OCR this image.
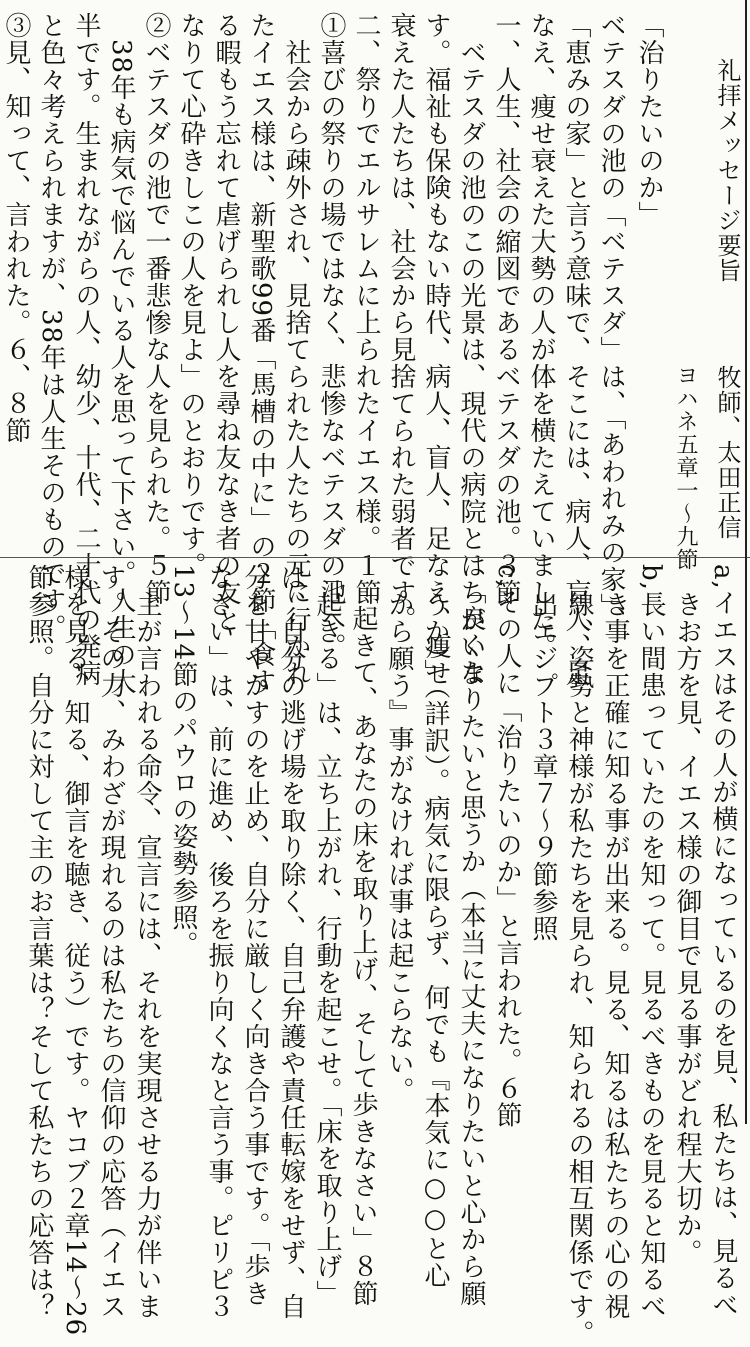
礼拝メッセージ要旨
牧師、太田正信
ヨハネ五章一～九節
「治りたいのか」
ベテスダの池の「ベテスダ」は、「あわれみの家」、
「恵みの家」と言う意味で、そこには、病人、盲人、足
なえ、痩せ衰えた大勢の人が体を横たえていました。
一、人生、社会の縮図であるベテスダの池。３節
　ベテスダの池のこの光景は、現代の病院とはちがいま
す。福祉も保険もない時代、病人、盲人、足なえ、痩せ
衰えた人たちは、社会から見捨てられた弱者です。
二、祭りでエルサレムに上られたイエス様。１節
①喜びの祭りの場ではなく、悲惨なベテスダの池へ。
　社会から疎外され、見捨てられた人たちの元に行かれ
たイエス様は、新聖歌99番「馬槽の中に」の２節「食す
る暇もう忘れて虐げられし人を尋ね友なき者の友と
なりて心砕きしこの人を見よ」のとおりです。
②ベテスダの池で一番悲惨な人を見られた。５節
　38年も病気で悩んでいる人を思って下さい。人生の大
半です。生まれながらの人、幼少、十代、二十代の発病
と色々考えられますが、38年は人生そのものです。
③見、知って、言われた。６、８節
a,イエスはその人が横になっているのを見、私たちは、見るべ
　きお方を見、イエス様の御目で見る事がどれ程大切か。
b,長い間患っていたのを知って。見るべきものを見ると知るべ
　き事を正確に知る事が出来る。見る、知るは私たちの心の視
　線、姿勢と神様が私たちを見られ、知られるの相互関係です。
　出エジプト３章７～９節参照
c,その人に「治りたいのか」と言われた。６節
　「良くなりたいと思うか（本当に丈夫になりたいと心から願
　うか）」（詳訳）。病気に限らず、何でも『本気に○○と心
　から願う』事がなければ事は起こらない。
　「起きて、あなたの床を取り上げ、そして歩きなさい」８節
「起きる」は、立ち上がれ、行動を起こせ。「床を取り上げ」
は、自分の逃げ場を取り除く、自己弁護や責任転嫁をせず、自
分を甘やかすのを止め、自分に厳しく向き合う事です。「歩き
なさい」は、前に進め、後ろを振り向くなと言う事。ピリピ３
13～14節のパウロの姿勢参照。
　主が言われる命令、宣言には、それを実現させる力が伴いま
す。その力、みわざが現れるのは私たちの信仰の応答（イエス
様を見る、知る、御言を聴き、従う）です。ヤコブ２章14～26
節参照。自分に対して主のお言葉は？そして私たちの応答は？
